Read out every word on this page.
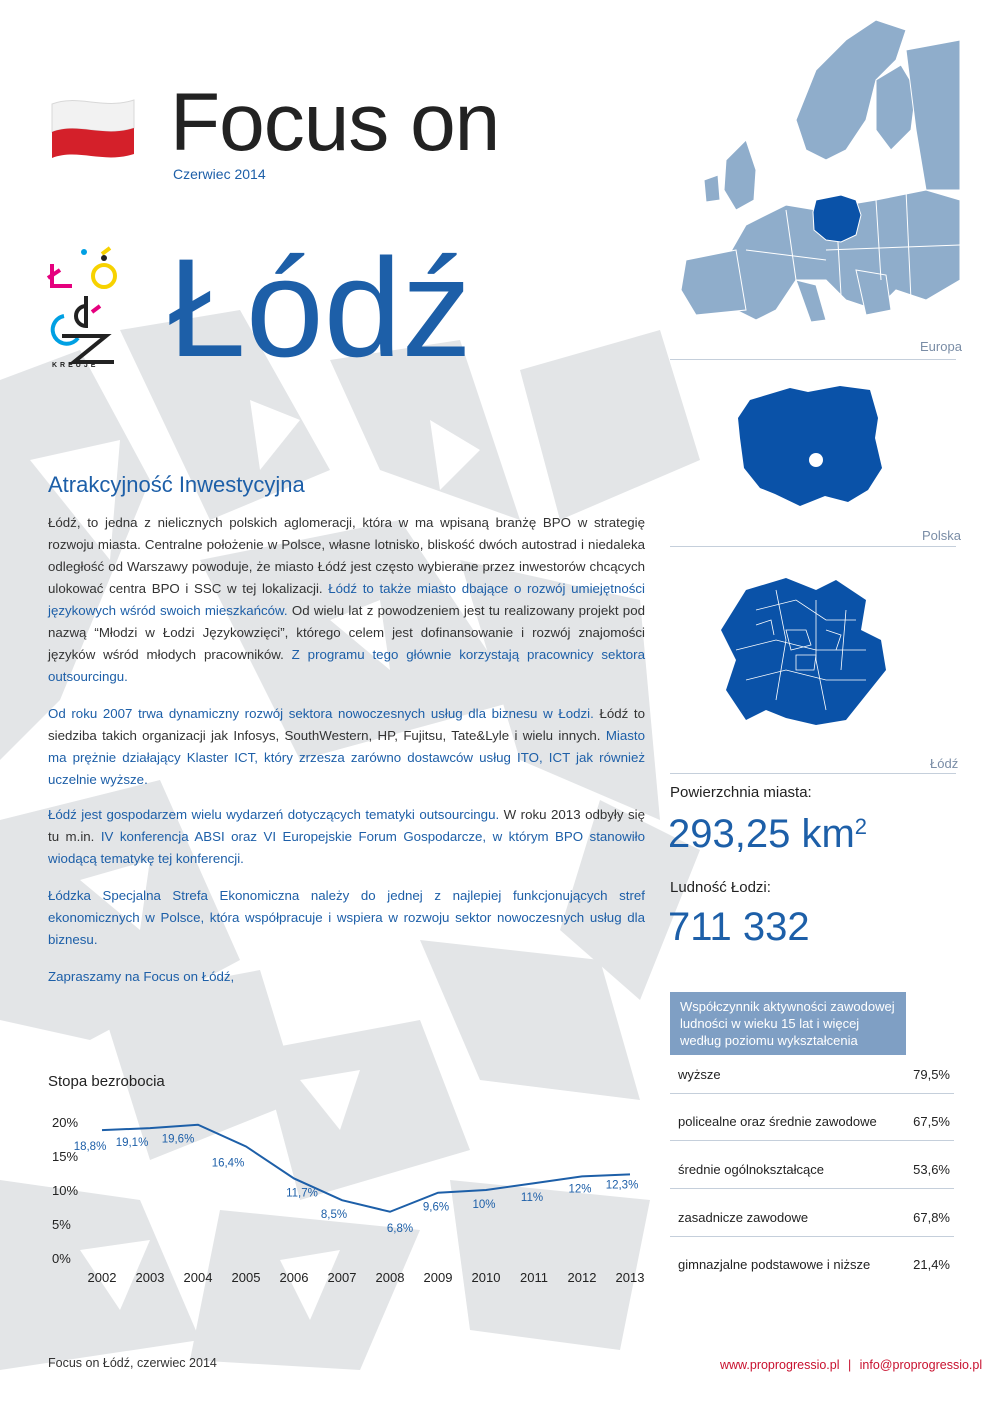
Focus on
Czerwiec 2014
KREUJE Łódź	Europa
Polska
Łódź
Powierzchnia miasta:
293,25 $km^2$
Ludność Łodzi:
711 332
Współczynnik aktywności zawodowej ludności w wieku 15 lat i więcej według poziomu wykształcenia
wyższe	79,5%
policealne oraz średnie zawodowe	67,5%
średnie ogólnokształcące	53,6%
zasadnicze zawodowe	67,8%
gimnazjalne podstawowe i niższe	21,4%
Atrakcyjność Inwestycyjna
Łódź, to jedna z nielicznych polskich aglomeracji, która w ma wpisaną branżę BPO w strategię rozwoju miasta. Centralne położenie w Polsce, własne lotnisko, bliskość dwóch autostrad i niedaleka odległość od Warszawy powoduje, że miasto Łódź jest często wybierane przez inwestorów chcących ulokować centra BPO i SSC w tej lokalizacji. Łódź to także miasto dbające o rozwój umiejętności językowych wśród swoich mieszkańców. Od wielu lat z powodzeniem jest tu realizowany projekt pod nazwą “Młodzi w Łodzi Językowzięci”, którego celem jest dofinansowanie i rozwój znajomości języków wśród młodych pracowników. Z programu tego głównie korzystają pracownicy sektora outsourcingu.
Od roku 2007 trwa dynamiczny rozwój sektora nowoczesnych usług dla biznesu w Łodzi. Łódź to siedziba takich organizacji jak Infosys, SouthWestern, HP, Fujitsu, Tate&Lyle i wielu innych. Miasto ma prężnie działający Klaster ICT, który zrzesza zarówno dostawców usług ITO, ICT jak również uczelnie wyższe.
Łódź jest gospodarzem wielu wydarzeń dotyczących tematyki outsourcingu. W roku 2013 odbyły się tu m.in. IV konferencja ABSI oraz VI Europejskie Forum Gospodarcze, w którym BPO stanowiło wiodącą tematykę tej konferencji.
Łódzka Specjalna Strefa Ekonomiczna należy do jednej z najlepiej funkcjonujących stref ekonomicznych w Polsce, która współpracuje i wspiera w rozwoju sektor nowoczesnych usług dla biznesu.
Zapraszamy na Focus on Łódź,
Stopa bezrobocia
20%
15%
10%
5%
0%
2002 2003 2004 2005 2006 2007 2008 2009 2010 2011 2012 2013
18,8% 19,1% 19,6%
16,4%
11,7%
8,5%
6,8%
9,6% 10%
11%
12% 12,3%
Focus on Łódź, czerwiec 2014	www.proprogressio.pl | info@proprogressio.pl
